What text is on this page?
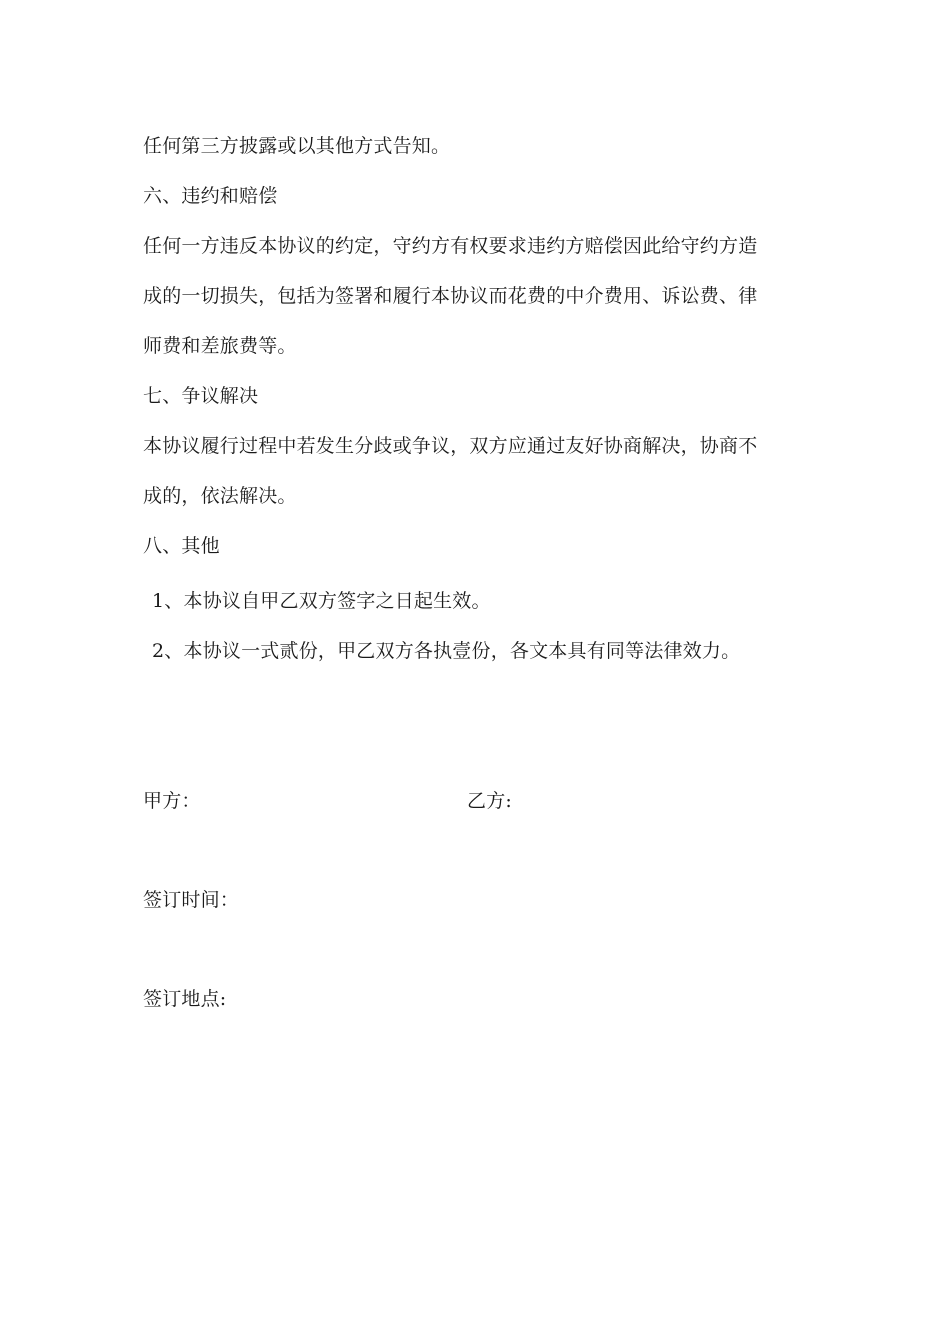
任何第三方披露或以其他方式告知。
六、违约和赔偿
任何一方违反本协议的约定，守约方有权要求违约方赔偿因此给守约方造
成的一切损失，包括为签署和履行本协议而花费的中介费用、诉讼费、律
师费和差旅费等。
七、争议解决
本协议履行过程中若发生分歧或争议，双方应通过友好协商解决，协商不
成的，依法解决。
八、其他
1、本协议自甲乙双方签字之日起生效。
2、本协议一式贰份，甲乙双方各执壹份，各文本具有同等法律效力。
甲方：	乙方:
签订时间：
签订地点:
